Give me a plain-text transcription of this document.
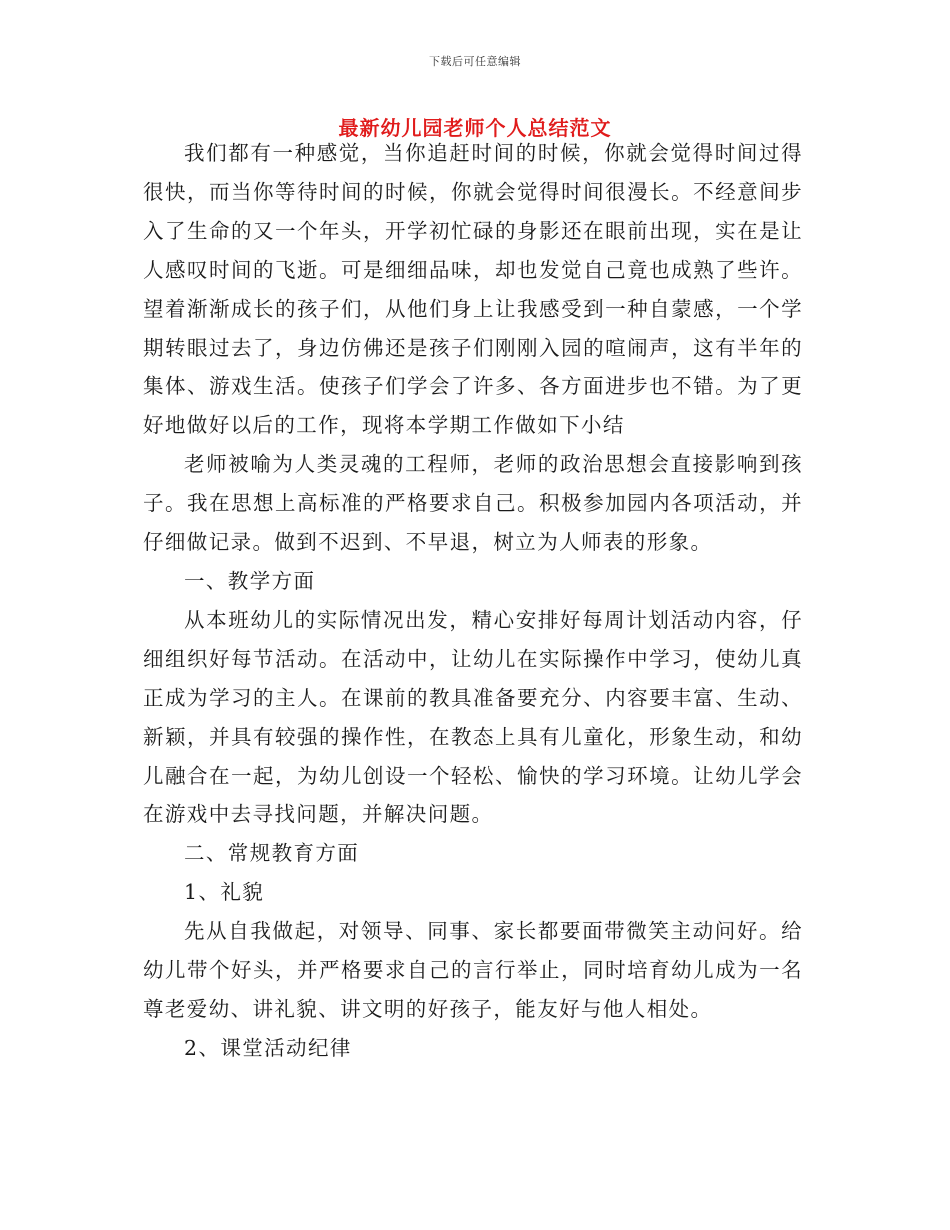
下载后可任意编辑
最新幼儿园老师个人总结范文

我们都有一种感觉，当你追赶时间的时候，你就会觉得时间过得很快，而当你等待时间的时候，你就会觉得时间很漫长。不经意间步入了生命的又一个年头，开学初忙碌的身影还在眼前出现，实在是让人感叹时间的飞逝。可是细细品味，却也发觉自己竟也成熟了些许。望着渐渐成长的孩子们，从他们身上让我感受到一种自蒙感，一个学期转眼过去了，身边仿佛还是孩子们刚刚入园的喧闹声，这有半年的集体、游戏生活。使孩子们学会了许多、各方面进步也不错。为了更好地做好以后的工作，现将本学期工作做如下小结

老师被喻为人类灵魂的工程师，老师的政治思想会直接影响到孩子。我在思想上高标准的严格要求自己。积极参加园内各项活动，并仔细做记录。做到不迟到、不早退，树立为人师表的形象。

一、教学方面

从本班幼儿的实际情况出发，精心安排好每周计划活动内容，仔细组织好每节活动。在活动中，让幼儿在实际操作中学习，使幼儿真正成为学习的主人。在课前的教具准备要充分、内容要丰富、生动、新颖，并具有较强的操作性，在教态上具有儿童化，形象生动，和幼儿融合在一起，为幼儿创设一个轻松、愉快的学习环境。让幼儿学会在游戏中去寻找问题，并解决问题。

二、常规教育方面

1、礼貌

先从自我做起，对领导、同事、家长都要面带微笑主动问好。给幼儿带个好头，并严格要求自己的言行举止，同时培育幼儿成为一名尊老爱幼、讲礼貌、讲文明的好孩子，能友好与他人相处。

2、课堂活动纪律
